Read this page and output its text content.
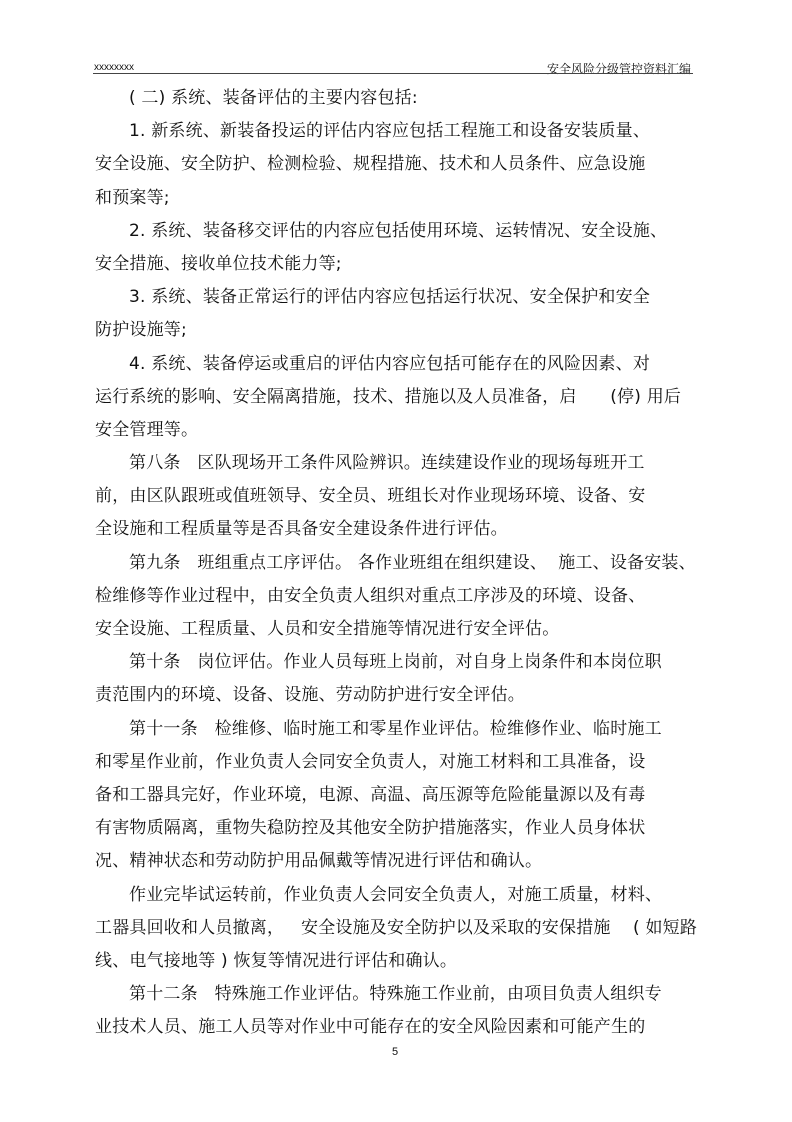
xxxxxxxx	安全风险分级管控资料汇编
( 二) 系统、装备评估的主要内容包括:
1. 新系统、新装备投运的评估内容应包括工程施工和设备安装质量、
安全设施、安全防护、检测检验、规程措施、技术和人员条件、应急设施
和预案等;
2. 系统、装备移交评估的内容应包括使用环境、运转情况、安全设施、
安全措施、接收单位技术能力等;
3. 系统、装备正常运行的评估内容应包括运行状况、安全保护和安全
防护设施等;
4. 系统、装备停运或重启的评估内容应包括可能存在的风险因素、对
运行系统的影响、安全隔离措施，技术、措施以及人员准备，启      (停) 用后
安全管理等。
第八条   区队现场开工条件风险辨识。连续建设作业的现场每班开工
前，由区队跟班或值班领导、安全员、班组长对作业现场环境、设备、安
全设施和工程质量等是否具备安全建设条件进行评估。
第九条   班组重点工序评估。 各作业班组在组织建设、  施工、设备安装、
检维修等作业过程中，由安全负责人组织对重点工序涉及的环境、设备、
安全设施、工程质量、人员和安全措施等情况进行安全评估。
第十条   岗位评估。作业人员每班上岗前，对自身上岗条件和本岗位职
责范围内的环境、设备、设施、劳动防护进行安全评估。
第十一条   检维修、临时施工和零星作业评估。检维修作业、临时施工
和零星作业前，作业负责人会同安全负责人，对施工材料和工具准备，设
备和工器具完好，作业环境，电源、高温、高压源等危险能量源以及有毒
有害物质隔离，重物失稳防控及其他安全防护措施落实，作业人员身体状
况、精神状态和劳动防护用品佩戴等情况进行评估和确认。
作业完毕试运转前，作业负责人会同安全负责人，对施工质量，材料、
工器具回收和人员撤离，   安全设施及安全防护以及采取的安保措施    ( 如短路
线、电气接地等 ) 恢复等情况进行评估和确认。
第十二条   特殊施工作业评估。特殊施工作业前，由项目负责人组织专
业技术人员、施工人员等对作业中可能存在的安全风险因素和可能产生的
5
